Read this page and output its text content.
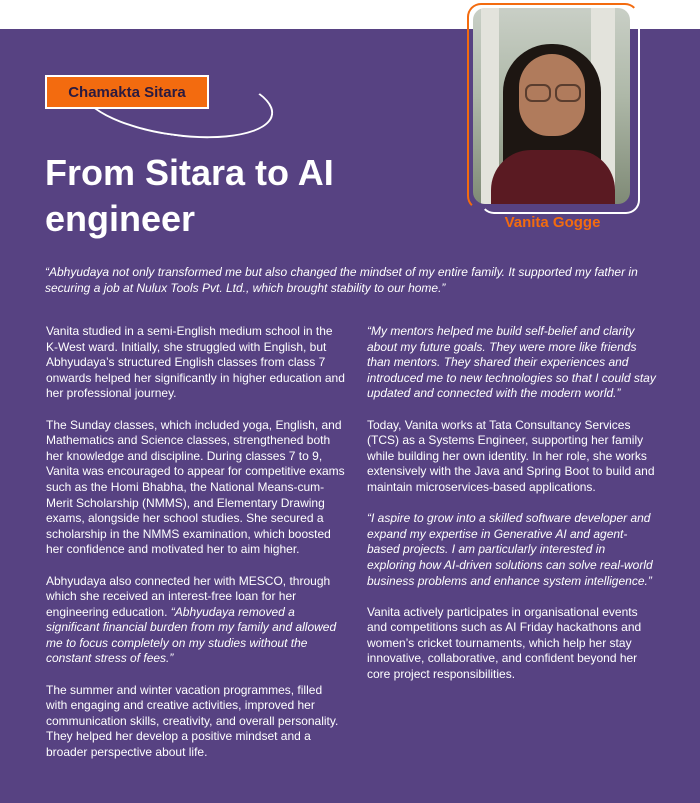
Chamakta Sitara
From Sitara to AI engineer	Vanita Gogge

“Abhyudaya not only transformed me but also changed the mindset of my entire family. It supported my father in securing a job at Nulux Tools Pvt. Ltd., which brought stability to our home.”

Vanita studied in a semi-English medium school in the K-West ward. Initially, she struggled with English, but Abhyudaya’s structured English classes from class 7 onwards helped her significantly in higher education and her professional journey.

The Sunday classes, which included yoga, English, and Mathematics and Science classes, strengthened both her knowledge and discipline. During classes 7 to 9, Vanita was encouraged to appear for competitive exams such as the Homi Bhabha, the National Means-cum-Merit Scholarship (NMMS), and Elementary Drawing exams, alongside her school studies. She secured a scholarship in the NMMS examination, which boosted her confidence and motivated her to aim higher.

Abhyudaya also connected her with MESCO, through which she received an interest-free loan for her engineering education. “Abhyudaya removed a significant financial burden from my family and allowed me to focus completely on my studies without the constant stress of fees.”

The summer and winter vacation programmes, filled with engaging and creative activities, improved her communication skills, creativity, and overall personality. They helped her develop a positive mindset and a broader perspective about life.

“My mentors helped me build self-belief and clarity about my future goals. They were more like friends than mentors. They shared their experiences and introduced me to new technologies so that I could stay updated and connected with the modern world.”

Today, Vanita works at Tata Consultancy Services (TCS) as a Systems Engineer, supporting her family while building her own identity. In her role, she works extensively with the Java and Spring Boot to build and maintain microservices-based applications.

“I aspire to grow into a skilled software developer and expand my expertise in Generative AI and agent-based projects. I am particularly interested in exploring how AI-driven solutions can solve real-world business problems and enhance system intelligence.”

Vanita actively participates in organisational events and competitions such as AI Friday hackathons and women’s cricket tournaments, which help her stay innovative, collaborative, and confident beyond her core project responsibilities.
